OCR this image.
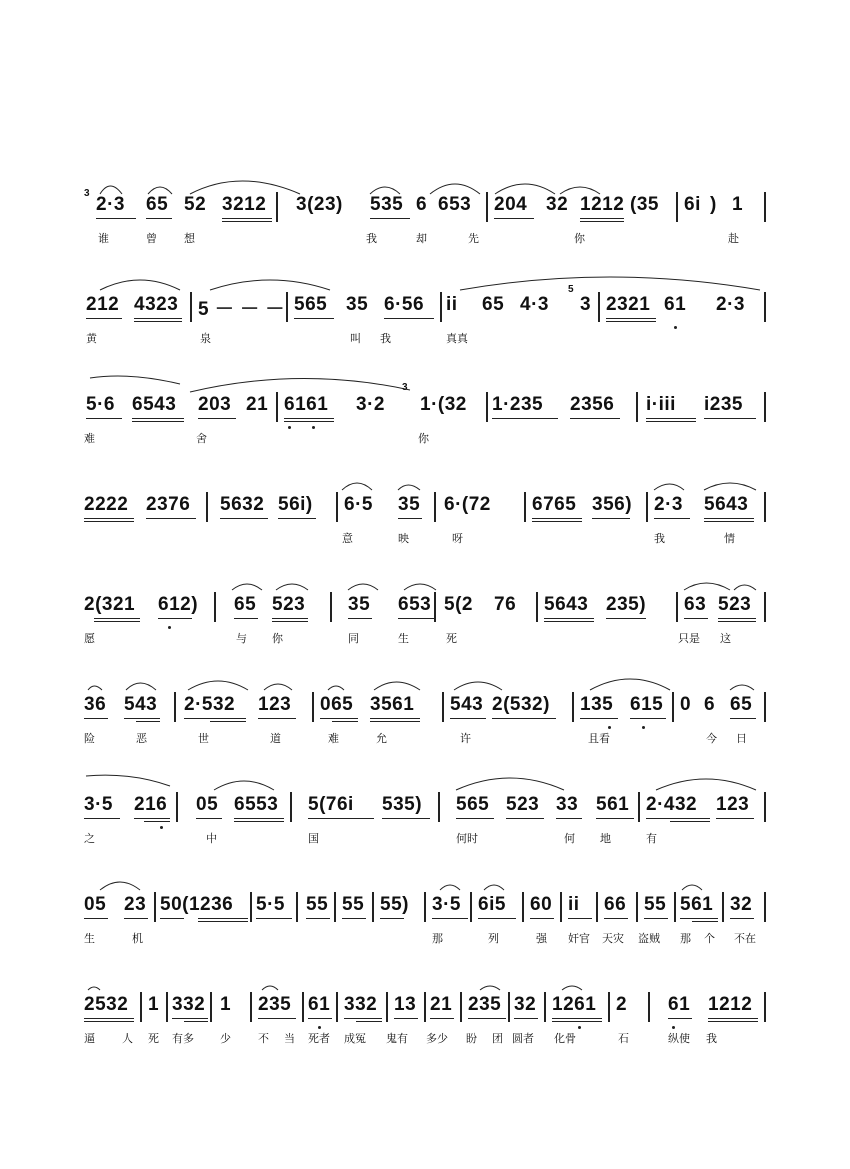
3
2·3 65 52 3212 3(23) 535 6 653 204 32 1212 (35 6i ) 1
谁	曾 想	我	却	先	你	赴
5
212 4323 5 － － － 565 35 6·56 ii 65 4·3 3 2321 61 2·3
黄	泉	叫 我	真真
3
5·6 6543 203 21 6161 3·2 1·(32 1·235 2356 i·iii i235
难	舍	你
2222 2376 5632 56i) 6·5 35 6·(72 6765 356) 2·3 5643
意	映	呀	我	情
2(321 612) 65 523 35 653 5(2 76 5643 235) 63 523
愿	与 你	同	生	死	只是 这
36 543 2·532 123 065 3561 543 2(532) 135 615 0 6 65
险	恶	世	道	难	允	许	且看	今 日
3·5 216 05 6553 5(76i 535) 565 523 33 561 2·432 123
之	中	国	何时	何 地	有
05 23 50(1236 5·5 55 55 55) 3·5 6i5 60 ii 66 55 561 32
生	机	那	列	强 奸官 天灾 盗贼 那 个 不在
2532 1 332 1 235 61 332 13 21 235 32 1261 2 61 1212
逼 人 死 有多 少 不 当 死者 成冤 鬼有 多少 盼 团 圆者 化骨	石	纵使 我
